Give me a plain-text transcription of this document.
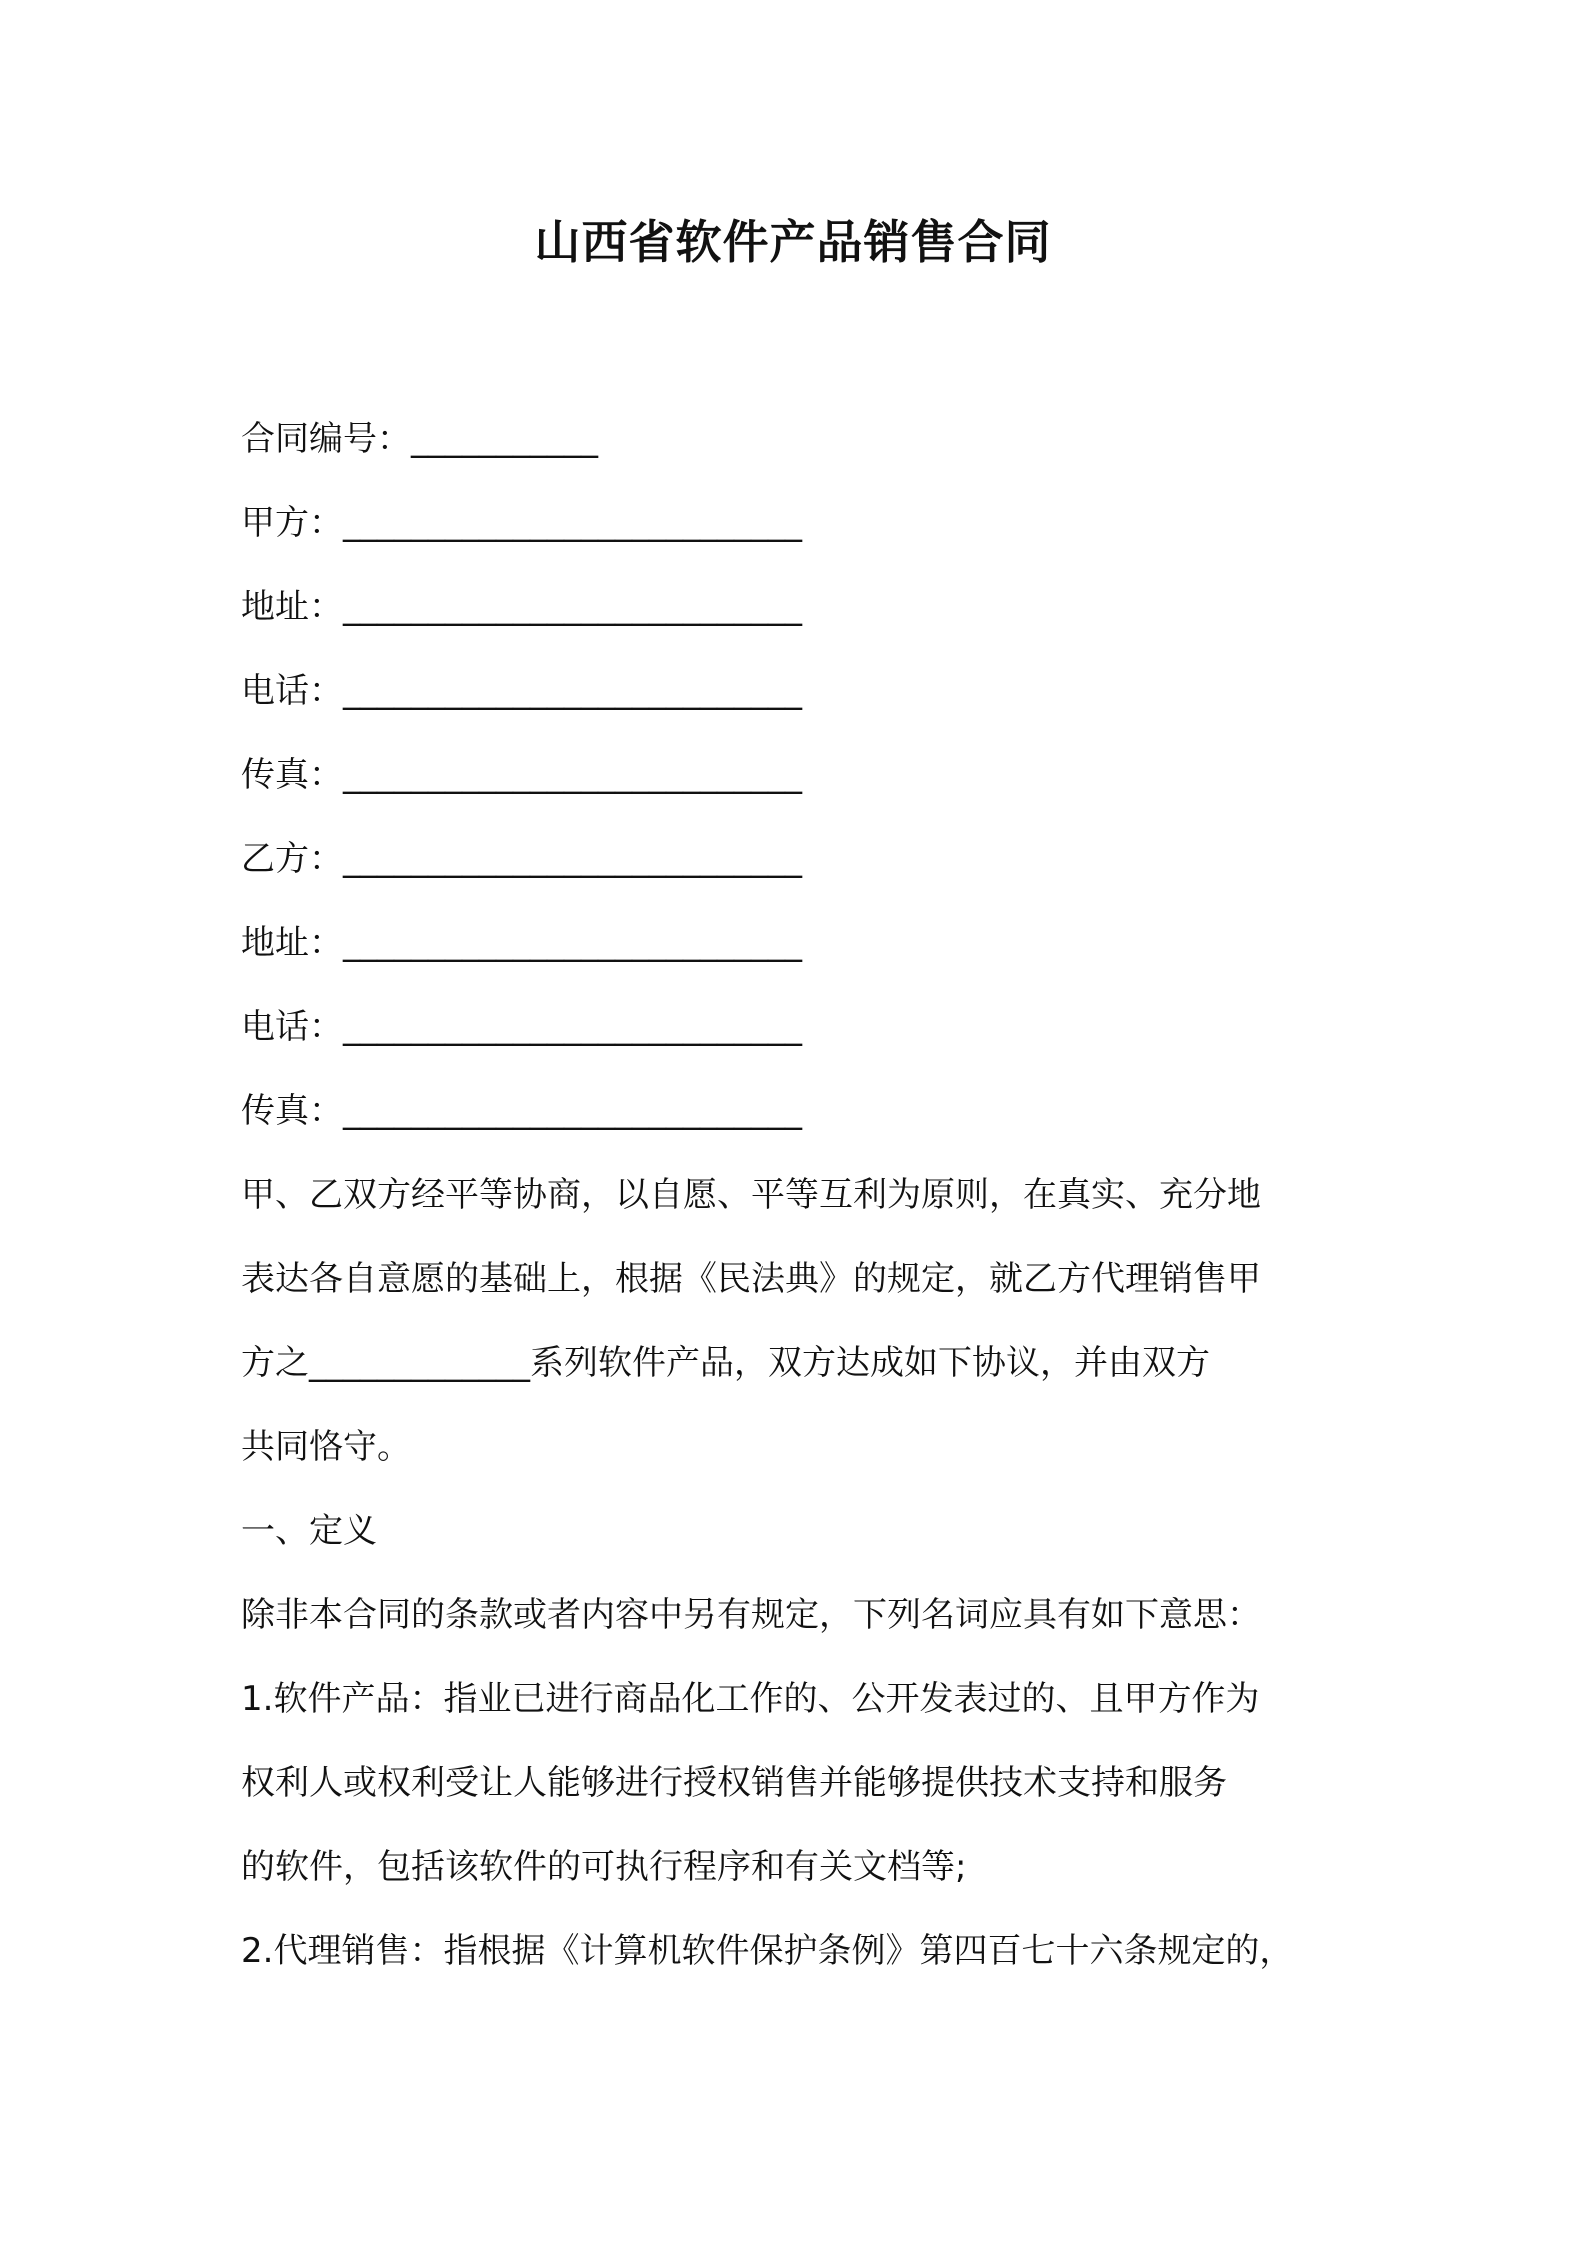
山西省软件产品销售合同
合同编号：___________
甲方：___________________________
地址：___________________________
电话：___________________________
传真：___________________________
乙方：___________________________
地址：___________________________
电话：___________________________
传真：___________________________
甲、乙双方经平等协商，以自愿、平等互利为原则，在真实、充分地
表达各自意愿的基础上，根据《民法典》的规定，就乙方代理销售甲
方之_____________系列软件产品，双方达成如下协议，并由双方
共同恪守。
一、定义
除非本合同的条款或者内容中另有规定，下列名词应具有如下意思：
1.软件产品：指业已进行商品化工作的、公开发表过的、且甲方作为
权利人或权利受让人能够进行授权销售并能够提供技术支持和服务
的软件，包括该软件的可执行程序和有关文档等;
2.代理销售：指根据《计算机软件保护条例》第四百七十六条规定的，
